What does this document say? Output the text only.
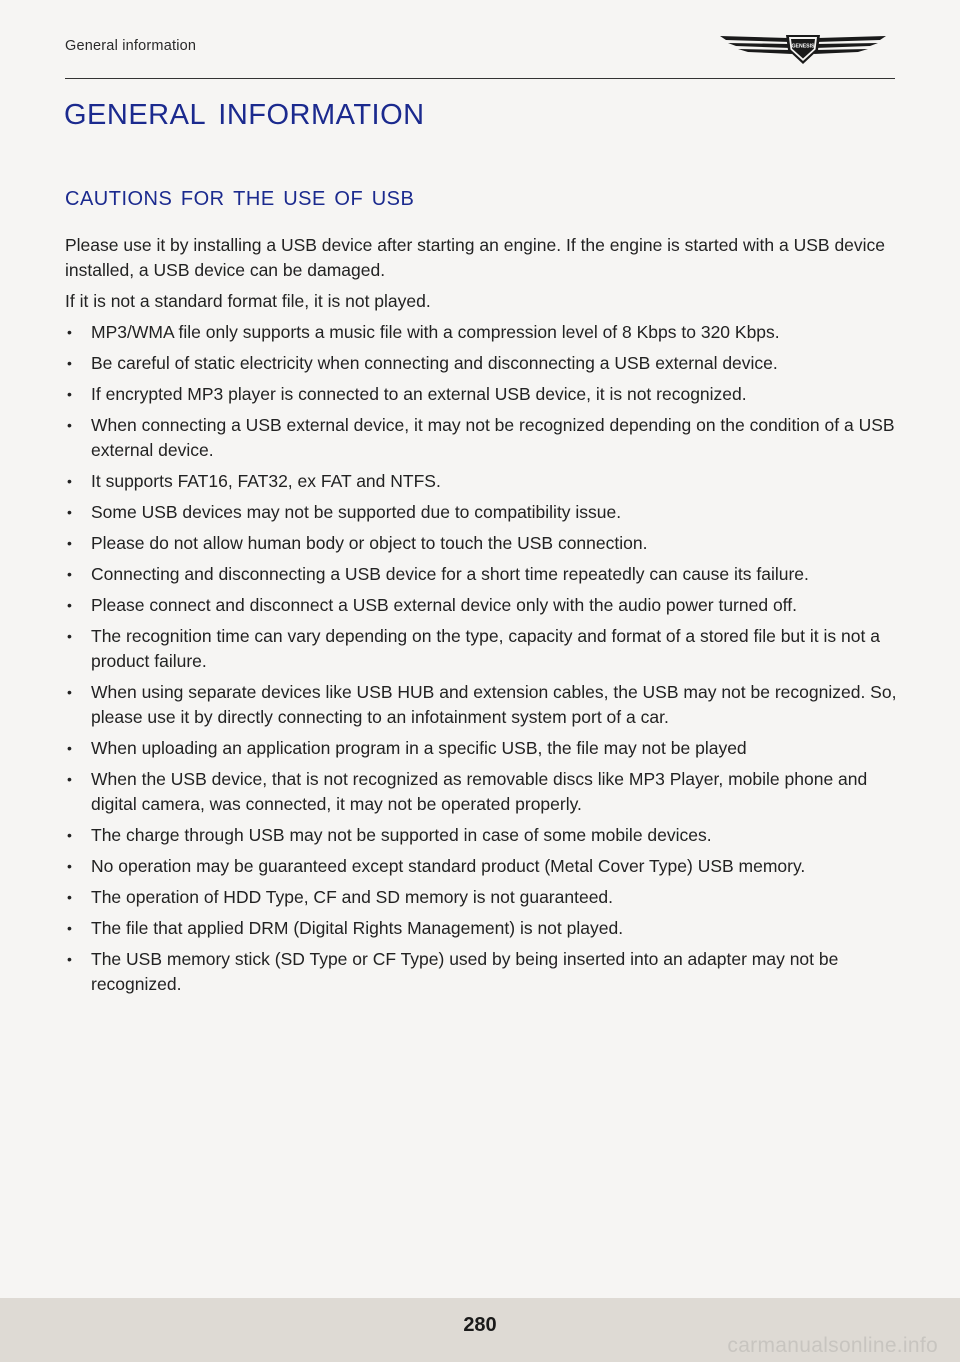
General information	GENESIS
general information
cautions for the use of usb

Please use it by installing a USB device after starting an engine. If the engine is started with a USB device installed, a USB device can be damaged.

If it is not a standard format file, it is not played.

• MP3/WMA file only supports a music file with a compression level of 8 Kbps to 320 Kbps.
• Be careful of static electricity when connecting and disconnecting a USB external device.
• If encrypted MP3 player is connected to an external USB device, it is not recognized.
• When connecting a USB external device, it may not be recognized depending on the condition of a USB external device.
• It supports FAT16, FAT32, ex FAT and NTFS.
• Some USB devices may not be supported due to compatibility issue.
• Please do not allow human body or object to touch the USB connection.
• Connecting and disconnecting a USB device for a short time repeatedly can cause its failure.
• Please connect and disconnect a USB external device only with the audio power turned off.
• The recognition time can vary depending on the type, capacity and format of a stored file but it is not a product failure.
• When using separate devices like USB HUB and extension cables, the USB may not be recognized. So, please use it by directly connecting to an infotainment system port of a car.
• When uploading an application program in a specific USB, the file may not be played
• When the USB device, that is not recognized as removable discs like MP3 Player, mobile phone and digital camera, was connected, it may not be operated properly.
• The charge through USB may not be supported in case of some mobile devices.
• No operation may be guaranteed except standard product (Metal Cover Type) USB memory.
• The operation of HDD Type, CF and SD memory is not guaranteed.
• The file that applied DRM (Digital Rights Management) is not played.
• The USB memory stick (SD Type or CF Type) used by being inserted into an adapter may not be recognized.
280
carmanualsonline.info
